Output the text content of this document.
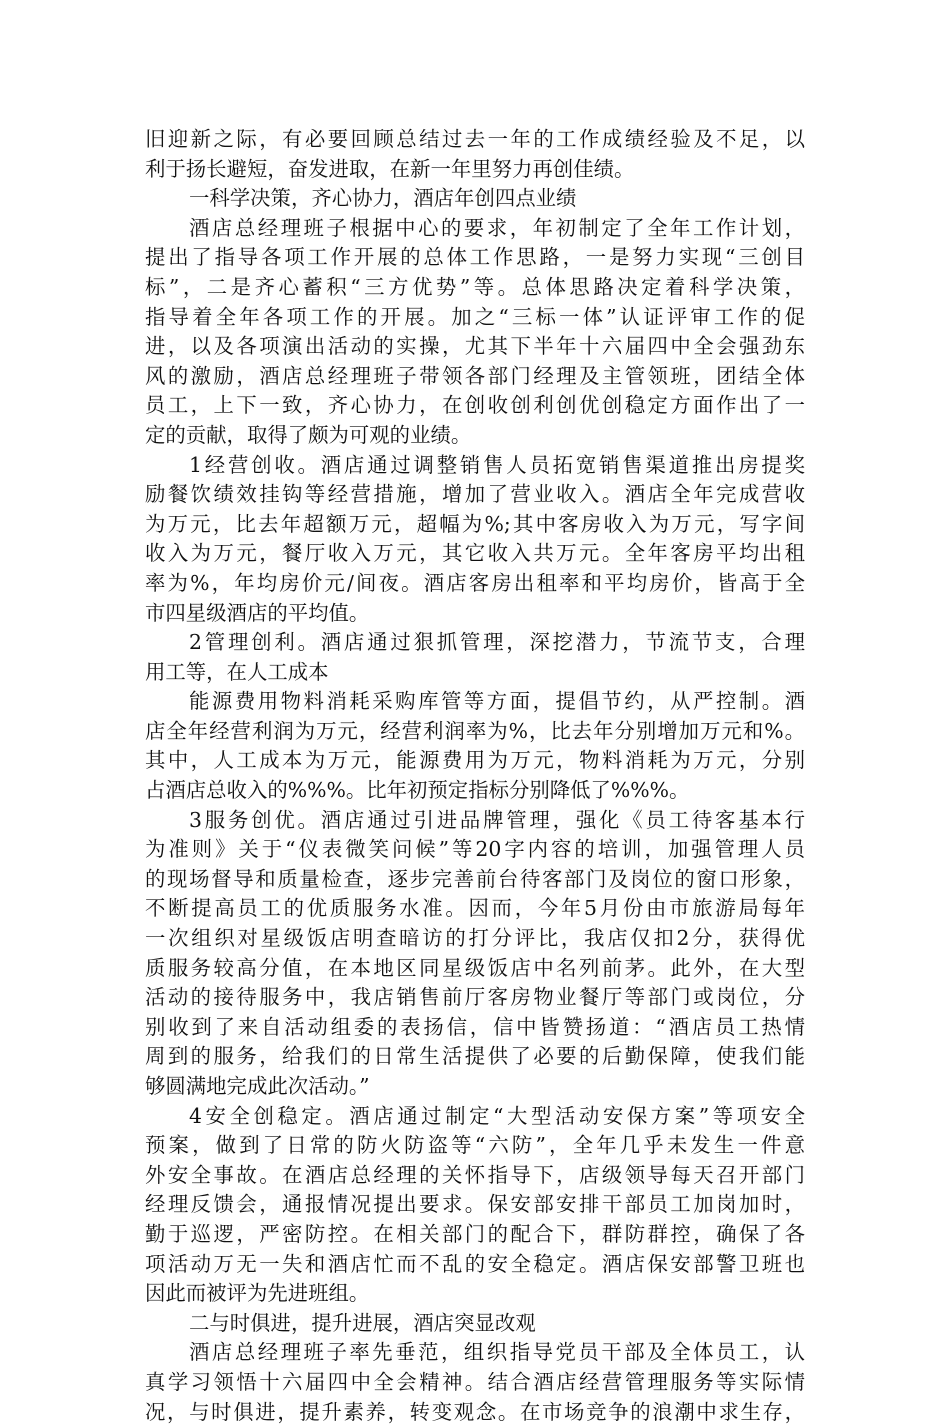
旧迎新之际，有必要回顾总结过去一年的工作成绩经验及不足，以
利于扬长避短，奋发进取，在新一年里努力再创佳绩。
一科学决策，齐心协力，酒店年创四点业绩
酒店总经理班子根据中心的要求，年初制定了全年工作计划，
提出了指导各项工作开展的总体工作思路，一是努力实现“三创目
标”，二是齐心蓄积“三方优势”等。总体思路决定着科学决策，
指导着全年各项工作的开展。加之“三标一体”认证评审工作的促
进，以及各项演出活动的实操，尤其下半年十六届四中全会强劲东
风的激励，酒店总经理班子带领各部门经理及主管领班，团结全体
员工，上下一致，齐心协力，在创收创利创优创稳定方面作出了一
定的贡献，取得了颇为可观的业绩。
1经营创收。酒店通过调整销售人员拓宽销售渠道推出房提奖
励餐饮绩效挂钩等经营措施，增加了营业收入。酒店全年完成营收
为万元，比去年超额万元，超幅为%;其中客房收入为万元，写字间
收入为万元，餐厅收入万元，其它收入共万元。全年客房平均出租
率为%，年均房价元/间夜。酒店客房出租率和平均房价，皆高于全
市四星级酒店的平均值。
2管理创利。酒店通过狠抓管理，深挖潜力，节流节支，合理
用工等，在人工成本
能源费用物料消耗采购库管等方面，提倡节约，从严控制。酒
店全年经营利润为万元，经营利润率为%，比去年分别增加万元和%。
其中，人工成本为万元，能源费用为万元，物料消耗为万元，分别
占酒店总收入的%%%。比年初预定指标分别降低了%%%。
3服务创优。酒店通过引进品牌管理，强化《员工待客基本行
为准则》关于“仪表微笑问候”等20字内容的培训，加强管理人员
的现场督导和质量检查，逐步完善前台待客部门及岗位的窗口形象，
不断提高员工的优质服务水准。因而，今年5月份由市旅游局每年
一次组织对星级饭店明查暗访的打分评比，我店仅扣2分，获得优
质服务较高分值，在本地区同星级饭店中名列前茅。此外，在大型
活动的接待服务中，我店销售前厅客房物业餐厅等部门或岗位，分
别收到了来自活动组委的表扬信，信中皆赞扬道：“酒店员工热情
周到的服务，给我们的日常生活提供了必要的后勤保障，使我们能
够圆满地完成此次活动。”
4安全创稳定。酒店通过制定“大型活动安保方案”等项安全
预案，做到了日常的防火防盗等“六防”，全年几乎未发生一件意
外安全事故。在酒店总经理的关怀指导下，店级领导每天召开部门
经理反馈会，通报情况提出要求。保安部安排干部员工加岗加时，
勤于巡逻，严密防控。在相关部门的配合下，群防群控，确保了各
项活动万无一失和酒店忙而不乱的安全稳定。酒店保安部警卫班也
因此而被评为先进班组。
二与时俱进，提升进展，酒店突显改观
酒店总经理班子率先垂范，组织指导党员干部及全体员工，认
真学习领悟十六届四中全会精神。结合酒店经营管理服务等实际情
况，与时俱进，提升素养，转变观念。在市场竞争的浪潮中求生存，
